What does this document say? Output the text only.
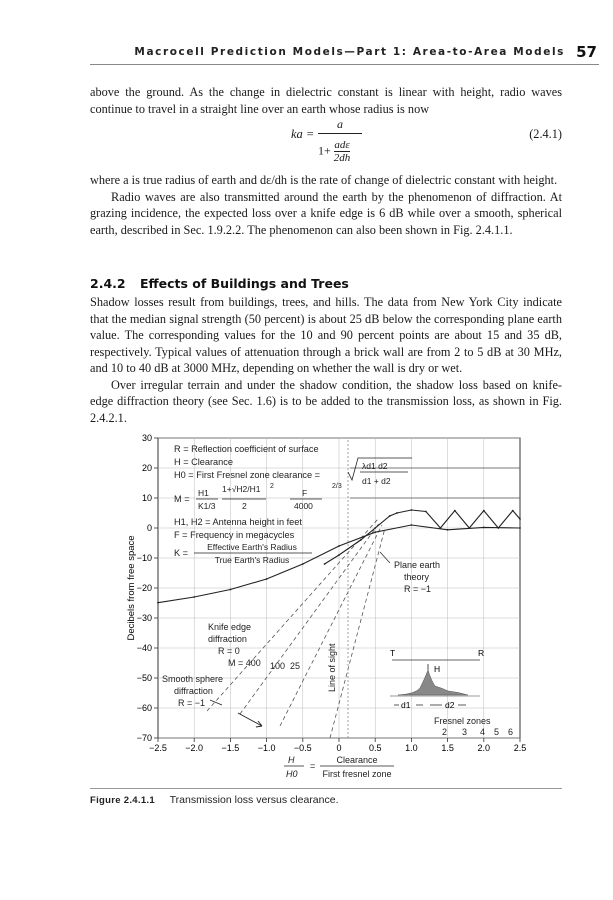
Macrocell Prediction Models—Part 1: Area-to-Area Models 57

above the ground. As the change in dielectric constant is linear with height, radio waves continue to travel in a straight line over an earth whose radius is now

ka =
a
1+ adε
2dh
(2.4.1)

where a is true radius of earth and dε/dh is the rate of change of dielectric constant with height.

Radio waves are also transmitted around the earth by the phenomenon of diffraction. At grazing incidence, the expected loss over a knife edge is 6 dB while over a smooth, spherical earth, described in Sec. 1.9.2.2. The phenomenon can also been shown in Fig. 2.4.1.1.

2.4.2 Effects of Buildings and Trees

Shadow losses result from buildings, trees, and hills. The data from New York City indicate that the median signal strength (50 percent) is about 25 dB below the corresponding plane earth value. The corresponding values for the 10 and 90 percent points are about 15 and 35 dB, respectively. Typical values of attenuation through a brick wall are from 2 to 5 dB at 30 MHz, and 10 to 40 dB at 3000 MHz, depending on whether the wall is dry or wet.

Over irregular terrain and under the shadow condition, the shadow loss based on knife-edge diffraction theory (see Sec. 1.6) is to be added to the transmission loss, as shown in Fig. 2.4.2.1.

30
20
10
0
−10
−20
−30
−40
−50
−60
−70
−2.5 −2.0 −1.5 −1.0 −0.5	0	0.5	1.0	1.5	2.0	2.5
Decibels from free space
R = Reflection coefficient of surface
H = Clearance
H0 = First Fresnel zone clearance =
λd1 d2
d1 + d2
M =
H1
K1/3
1+√H2/H1 2
2
F
4000
2/3
H1, H2 = Antenna height in feet
F = Frequency in megacycles
K =
Effective Earth's Radius
True Earth's Radius	Plane earth
theory
R = −1
Knife edge
diffraction
R = 0
M = 400 100 25
Smooth sphere
diffraction
R = −1
Line of sight
Fresnel zones
2 3 4 5 6
T	R
H
d1	d2
H
H0
=
Clearance
First fresnel zone
Figure 2.4.1.1 Transmission loss versus clearance.
